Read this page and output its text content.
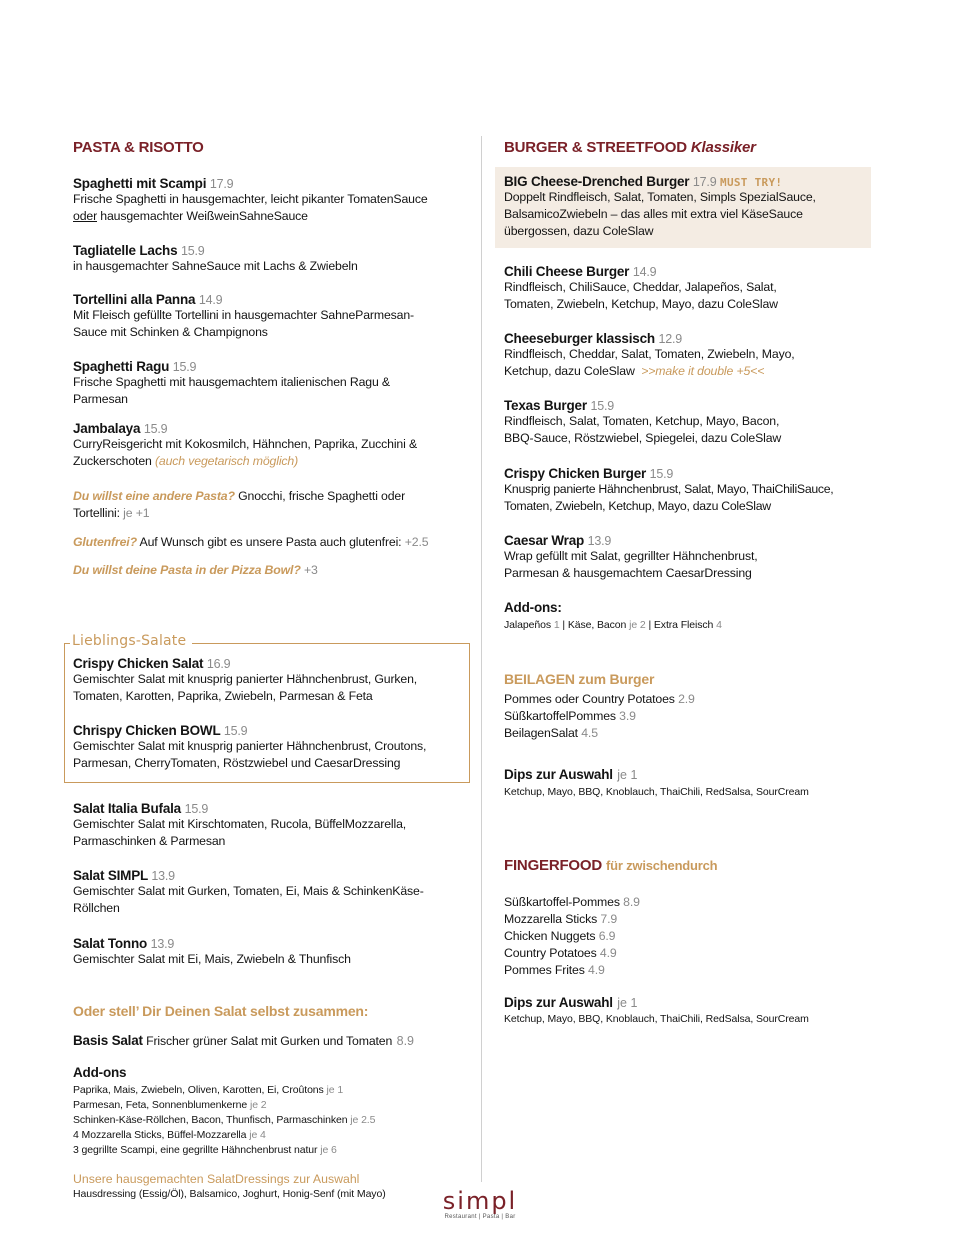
PASTA & RISOTTO
Spaghetti mit Scampi 17.9
Frische Spaghetti in hausgemachter, leicht pikanter TomatenSauce
oder hausgemachter WeißweinSahneSauce
Tagliatelle Lachs 15.9
in hausgemachter SahneSauce mit Lachs & Zwiebeln
Tortellini alla Panna 14.9
Mit Fleisch gefüllte Tortellini in hausgemachter SahneParmesan-
Sauce mit Schinken & Champignons
Spaghetti Ragu 15.9
Frische Spaghetti mit hausgemachtem italienischen Ragu &
Parmesan
Jambalaya 15.9
CurryReisgericht mit Kokosmilch, Hähnchen, Paprika, Zucchini &
Zuckerschoten (auch vegetarisch möglich)
Du willst eine andere Pasta? Gnocchi, frische Spaghetti oder
Tortellini: je +1
Glutenfrei? Auf Wunsch gibt es unsere Pasta auch glutenfrei: +2.5
Du willst deine Pasta in der Pizza Bowl? +3
Lieblings-Salate
Crispy Chicken Salat 16.9
Gemischter Salat mit knusprig panierter Hähnchenbrust, Gurken,
Tomaten, Karotten, Paprika, Zwiebeln, Parmesan & Feta
Chrispy Chicken BOWL 15.9
Gemischter Salat mit knusprig panierter Hähnchenbrust, Croutons,
Parmesan, CherryTomaten, Röstzwiebel und CaesarDressing
Salat Italia Bufala 15.9
Gemischter Salat mit Kirschtomaten, Rucola, BüffelMozzarella,
Parmaschinken & Parmesan
Salat SIMPL 13.9
Gemischter Salat mit Gurken, Tomaten, Ei, Mais & SchinkenKäse-
Röllchen
Salat Tonno 13.9
Gemischter Salat mit Ei, Mais, Zwiebeln & Thunfisch
Oder stell’ Dir Deinen Salat selbst zusammen:
Basis Salat Frischer grüner Salat mit Gurken und Tomaten 8.9
Add-ons
Paprika, Mais, Zwiebeln, Oliven, Karotten, Ei, Croûtons je 1
Parmesan, Feta, Sonnenblumenkerne je 2
Schinken-Käse-Röllchen, Bacon, Thunfisch, Parmaschinken je 2.5
4 Mozzarella Sticks, Büffel-Mozzarella je 4
3 gegrillte Scampi, eine gegrillte Hähnchenbrust natur je 6
Unsere hausgemachten SalatDressings zur Auswahl
Hausdressing (Essig/Öl), Balsamico, Joghurt, Honig-Senf (mit Mayo)
BURGER & STREETFOOD Klassiker
BIG Cheese-Drenched Burger 17.9 MUST TRY!
Doppelt Rindfleisch, Salat, Tomaten, Simpls SpezialSauce,
BalsamicoZwiebeln – das alles mit extra viel KäseSauce
übergossen, dazu ColeSlaw
Chili Cheese Burger 14.9
Rindfleisch, ChiliSauce, Cheddar, Jalapeños, Salat,
Tomaten, Zwiebeln, Ketchup, Mayo, dazu ColeSlaw
Cheeseburger klassisch 12.9
Rindfleisch, Cheddar, Salat, Tomaten, Zwiebeln, Mayo,
Ketchup, dazu ColeSlaw >>make it double +5<<
Texas Burger 15.9
Rindfleisch, Salat, Tomaten, Ketchup, Mayo, Bacon,
BBQ-Sauce, Röstzwiebel, Spiegelei, dazu ColeSlaw
Crispy Chicken Burger 15.9
Knusprig panierte Hähnchenbrust, Salat, Mayo, ThaiChiliSauce,
Tomaten, Zwiebeln, Ketchup, Mayo, dazu ColeSlaw
Caesar Wrap 13.9
Wrap gefüllt mit Salat, gegrillter Hähnchenbrust,
Parmesan & hausgemachtem CaesarDressing
Add-ons:
Jalapeños 1 | Käse, Bacon je 2 | Extra Fleisch 4
BEILAGEN zum Burger
Pommes oder Country Potatoes 2.9
SüßkartoffelPommes 3.9
BeilagenSalat 4.5
Dips zur Auswahl je 1
Ketchup, Mayo, BBQ, Knoblauch, ThaiChili, RedSalsa, SourCream
FINGERFOOD für zwischendurch
Süßkartoffel-Pommes 8.9
Mozzarella Sticks 7.9
Chicken Nuggets 6.9
Country Potatoes 4.9
Pommes Frites 4.9
Dips zur Auswahl je 1
Ketchup, Mayo, BBQ, Knoblauch, ThaiChili, RedSalsa, SourCream
simpl
Restaurant | Pasta | Bar
